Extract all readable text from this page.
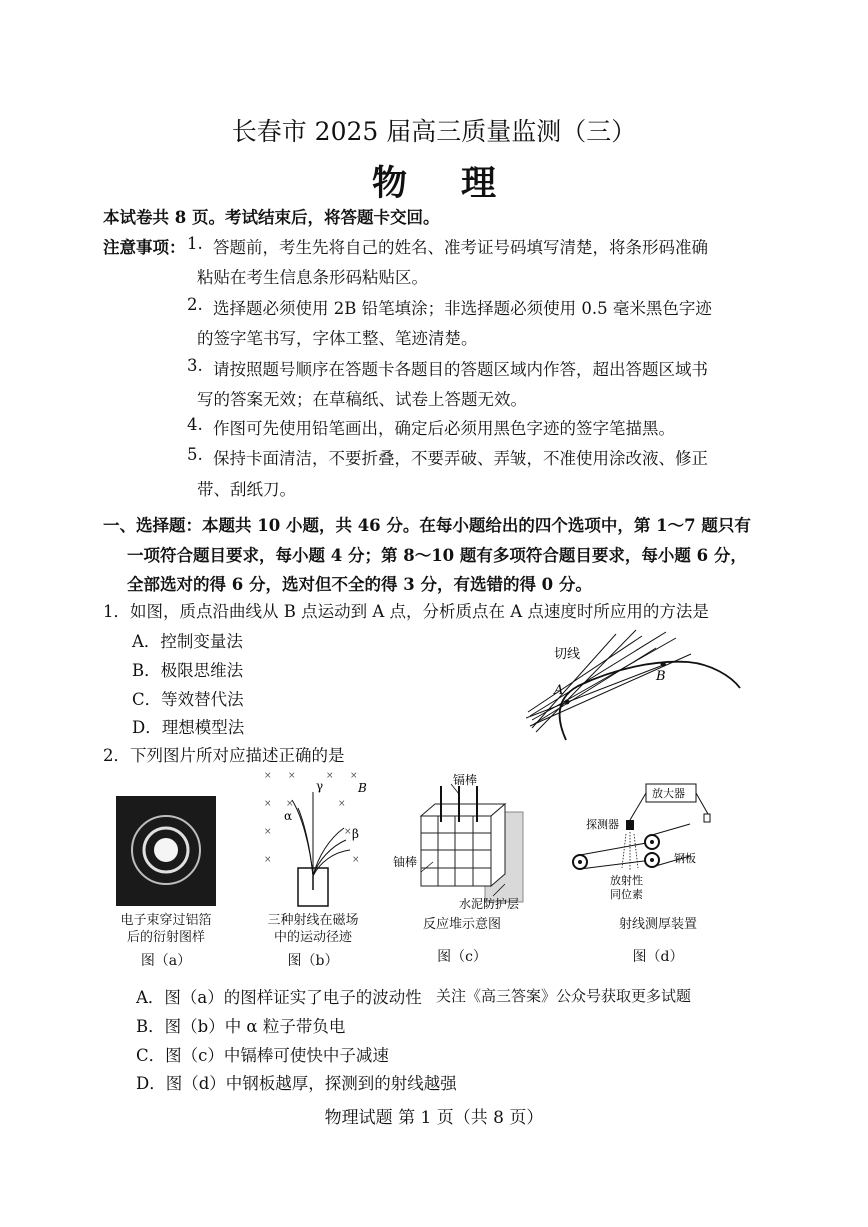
长春市 2025 届高三质量监测（三）
物理
本试卷共 8 页。考试结束后，将答题卡交回。
注意事项： 1. 答题前，考生先将自己的姓名、准考证号码填写清楚，将条形码准确
粘贴在考生信息条形码粘贴区。
2. 选择题必须使用 2B 铅笔填涂；非选择题必须使用 0.5 毫米黑色字迹
的签字笔书写，字体工整、笔迹清楚。
3. 请按照题号顺序在答题卡各题目的答题区域内作答，超出答题区域书
写的答案无效；在草稿纸、试卷上答题无效。
4. 作图可先使用铅笔画出，确定后必须用黑色字迹的签字笔描黑。
5. 保持卡面清洁，不要折叠，不要弄破、弄皱，不准使用涂改液、修正
带、刮纸刀。
一、选择题：本题共 10 小题，共 46 分。在每小题给出的四个选项中，第 1～7 题只有
一项符合题目要求，每小题 4 分；第 8～10 题有多项符合题目要求，每小题 6 分，
全部选对的得 6 分，选对但不全的得 3 分，有选错的得 0 分。
1．如图，质点沿曲线从 B 点运动到 A 点，分析质点在 A 点速度时所应用的方法是
A．控制变量法
B．极限思维法
C．等效替代法
D．理想模型法
切线
A
B
2．下列图片所对应描述正确的是
电子束穿过铝箔
后的衍射图样
图（a）
× ×	× ×
× ×	×
×	×
×	×
γ
α
β
B
三种射线在磁场
中的运动径迹
图（b）
镉棒
铀棒
水泥防护层
反应堆示意图
图（c）
放大器
探测器
钢板
放射性
同位素
射线测厚装置
图（d）
A．图（a）的图样证实了电子的波动性 关注《高三答案》公众号获取更多试题
B．图（b）中 α 粒子带负电
C．图（c）中镉棒可使快中子减速
D．图（d）中钢板越厚，探测到的射线越强
物理试题 第 1 页（共 8 页）
